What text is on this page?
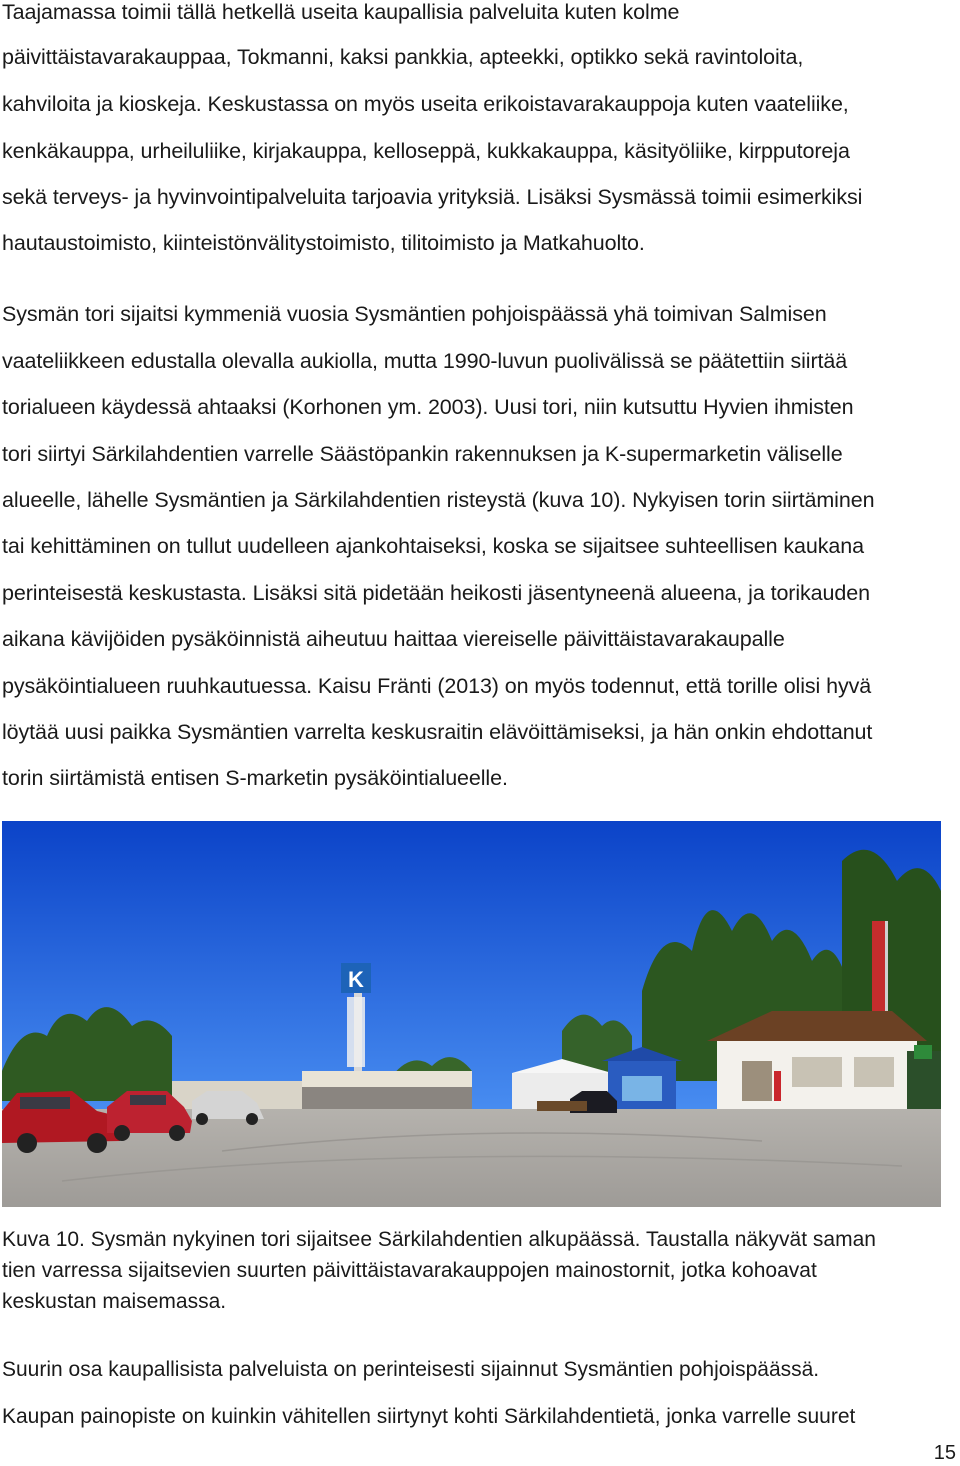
Taajamassa toimii tällä hetkellä useita kaupallisia palveluita kuten kolme
päivittäistavarakauppaa, Tokmanni, kaksi pankkia, apteekki, optikko sekä ravintoloita,
kahviloita ja kioskeja. Keskustassa on myös useita erikoistavarakauppoja kuten vaateliike,
kenkäkauppa, urheiluliike, kirjakauppa, kelloseppä, kukkakauppa, käsityöliike, kirpputoreja
sekä terveys- ja hyvinvointipalveluita tarjoavia yrityksiä. Lisäksi Sysmässä toimii esimerkiksi
hautaustoimisto, kiinteistönvälitystoimisto, tilitoimisto ja Matkahuolto.
Sysmän tori sijaitsi kymmeniä vuosia Sysmäntien pohjoispäässä yhä toimivan Salmisen
vaateliikkeen edustalla olevalla aukiolla, mutta 1990-luvun puolivälissä se päätettiin siirtää
torialueen käydessä ahtaaksi (Korhonen ym. 2003). Uusi tori, niin kutsuttu Hyvien ihmisten
tori siirtyi Särkilahdentien varrelle Säästöpankin rakennuksen ja K-supermarketin väliselle
alueelle, lähelle Sysmäntien ja Särkilahdentien risteystä (kuva 10). Nykyisen torin siirtäminen
tai kehittäminen on tullut uudelleen ajankohtaiseksi, koska se sijaitsee suhteellisen kaukana
perinteisestä keskustasta. Lisäksi sitä pidetään heikosti jäsentyneenä alueena, ja torikauden
aikana kävijöiden pysäköinnistä aiheutuu haittaa viereiselle päivittäistavarakaupalle
pysäköintialueen ruuhkautuessa. Kaisu Fränti (2013) on myös todennut, että torille olisi hyvä
löytää uusi paikka Sysmäntien varrelta keskusraitin elävöittämiseksi, ja hän onkin ehdottanut
torin siirtämistä entisen S-marketin pysäköintialueelle.
K
Kuva 10. Sysmän nykyinen tori sijaitsee Särkilahdentien alkupäässä. Taustalla näkyvät saman
tien varressa sijaitsevien suurten päivittäistavarakauppojen mainostornit, jotka kohoavat
keskustan maisemassa.
Suurin osa kaupallisista palveluista on perinteisesti sijainnut Sysmäntien pohjoispäässä.
Kaupan painopiste on kuinkin vähitellen siirtynyt kohti Särkilahdentietä, jonka varrelle suuret
15
